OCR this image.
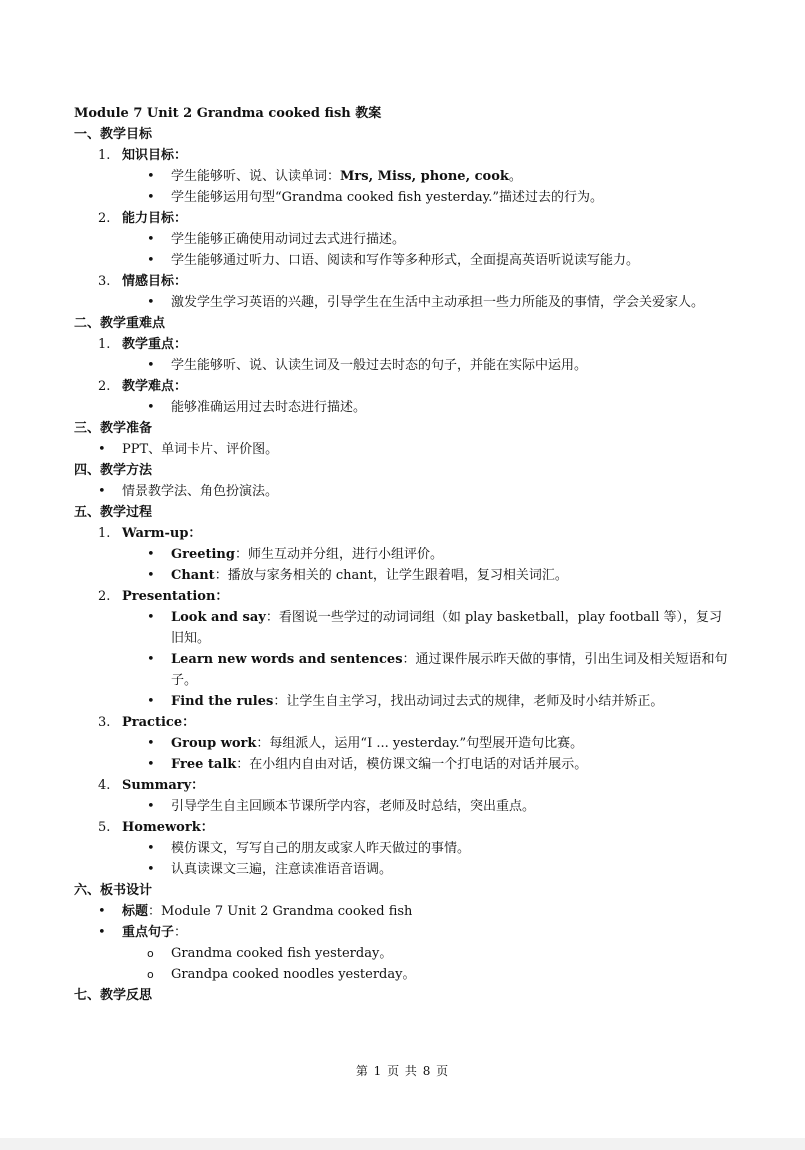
Module 7 Unit 2 Grandma cooked fish 教案
一、教学目标
1. 知识目标：
•	学生能够听、说、认读单词：Mrs, Miss, phone, cook。
•	学生能够运用句型“Grandma cooked fish yesterday.”描述过去的行为。
2. 能力目标：
•	学生能够正确使用动词过去式进行描述。
•	学生能够通过听力、口语、阅读和写作等多种形式，全面提高英语听说读写能力。
3. 情感目标：
•	激发学生学习英语的兴趣，引导学生在生活中主动承担一些力所能及的事情，学会关爱家人。
二、教学重难点
1. 教学重点：
•	学生能够听、说、认读生词及一般过去时态的句子，并能在实际中运用。
2. 教学难点：
•	能够准确运用过去时态进行描述。
三、教学准备
•	PPT、单词卡片、评价图。
四、教学方法
•	情景教学法、角色扮演法。
五、教学过程
1. Warm-up：
•	Greeting：师生互动并分组，进行小组评价。
•	Chant：播放与家务相关的 chant，让学生跟着唱，复习相关词汇。
2. Presentation：
•	Look and say：看图说一些学过的动词词组（如 play basketball，play football 等），复习旧知。
•	Learn new words and sentences：通过课件展示昨天做的事情，引出生词及相关短语和句子。
•	Find the rules：让学生自主学习，找出动词过去式的规律，老师及时小结并矫正。
3. Practice：
•	Group work：每组派人，运用“I ... yesterday.”句型展开造句比赛。
•	Free talk：在小组内自由对话，模仿课文编一个打电话的对话并展示。
4. Summary：
•	引导学生自主回顾本节课所学内容，老师及时总结，突出重点。
5. Homework：
•	模仿课文，写写自己的朋友或家人昨天做过的事情。
•	认真读课文三遍，注意读准语音语调。
六、板书设计
•	标题：Module 7 Unit 2 Grandma cooked fish
•	重点句子：
o	Grandma cooked fish yesterday。
o	Grandpa cooked noodles yesterday。
七、教学反思
第 1 页 共 8 页
